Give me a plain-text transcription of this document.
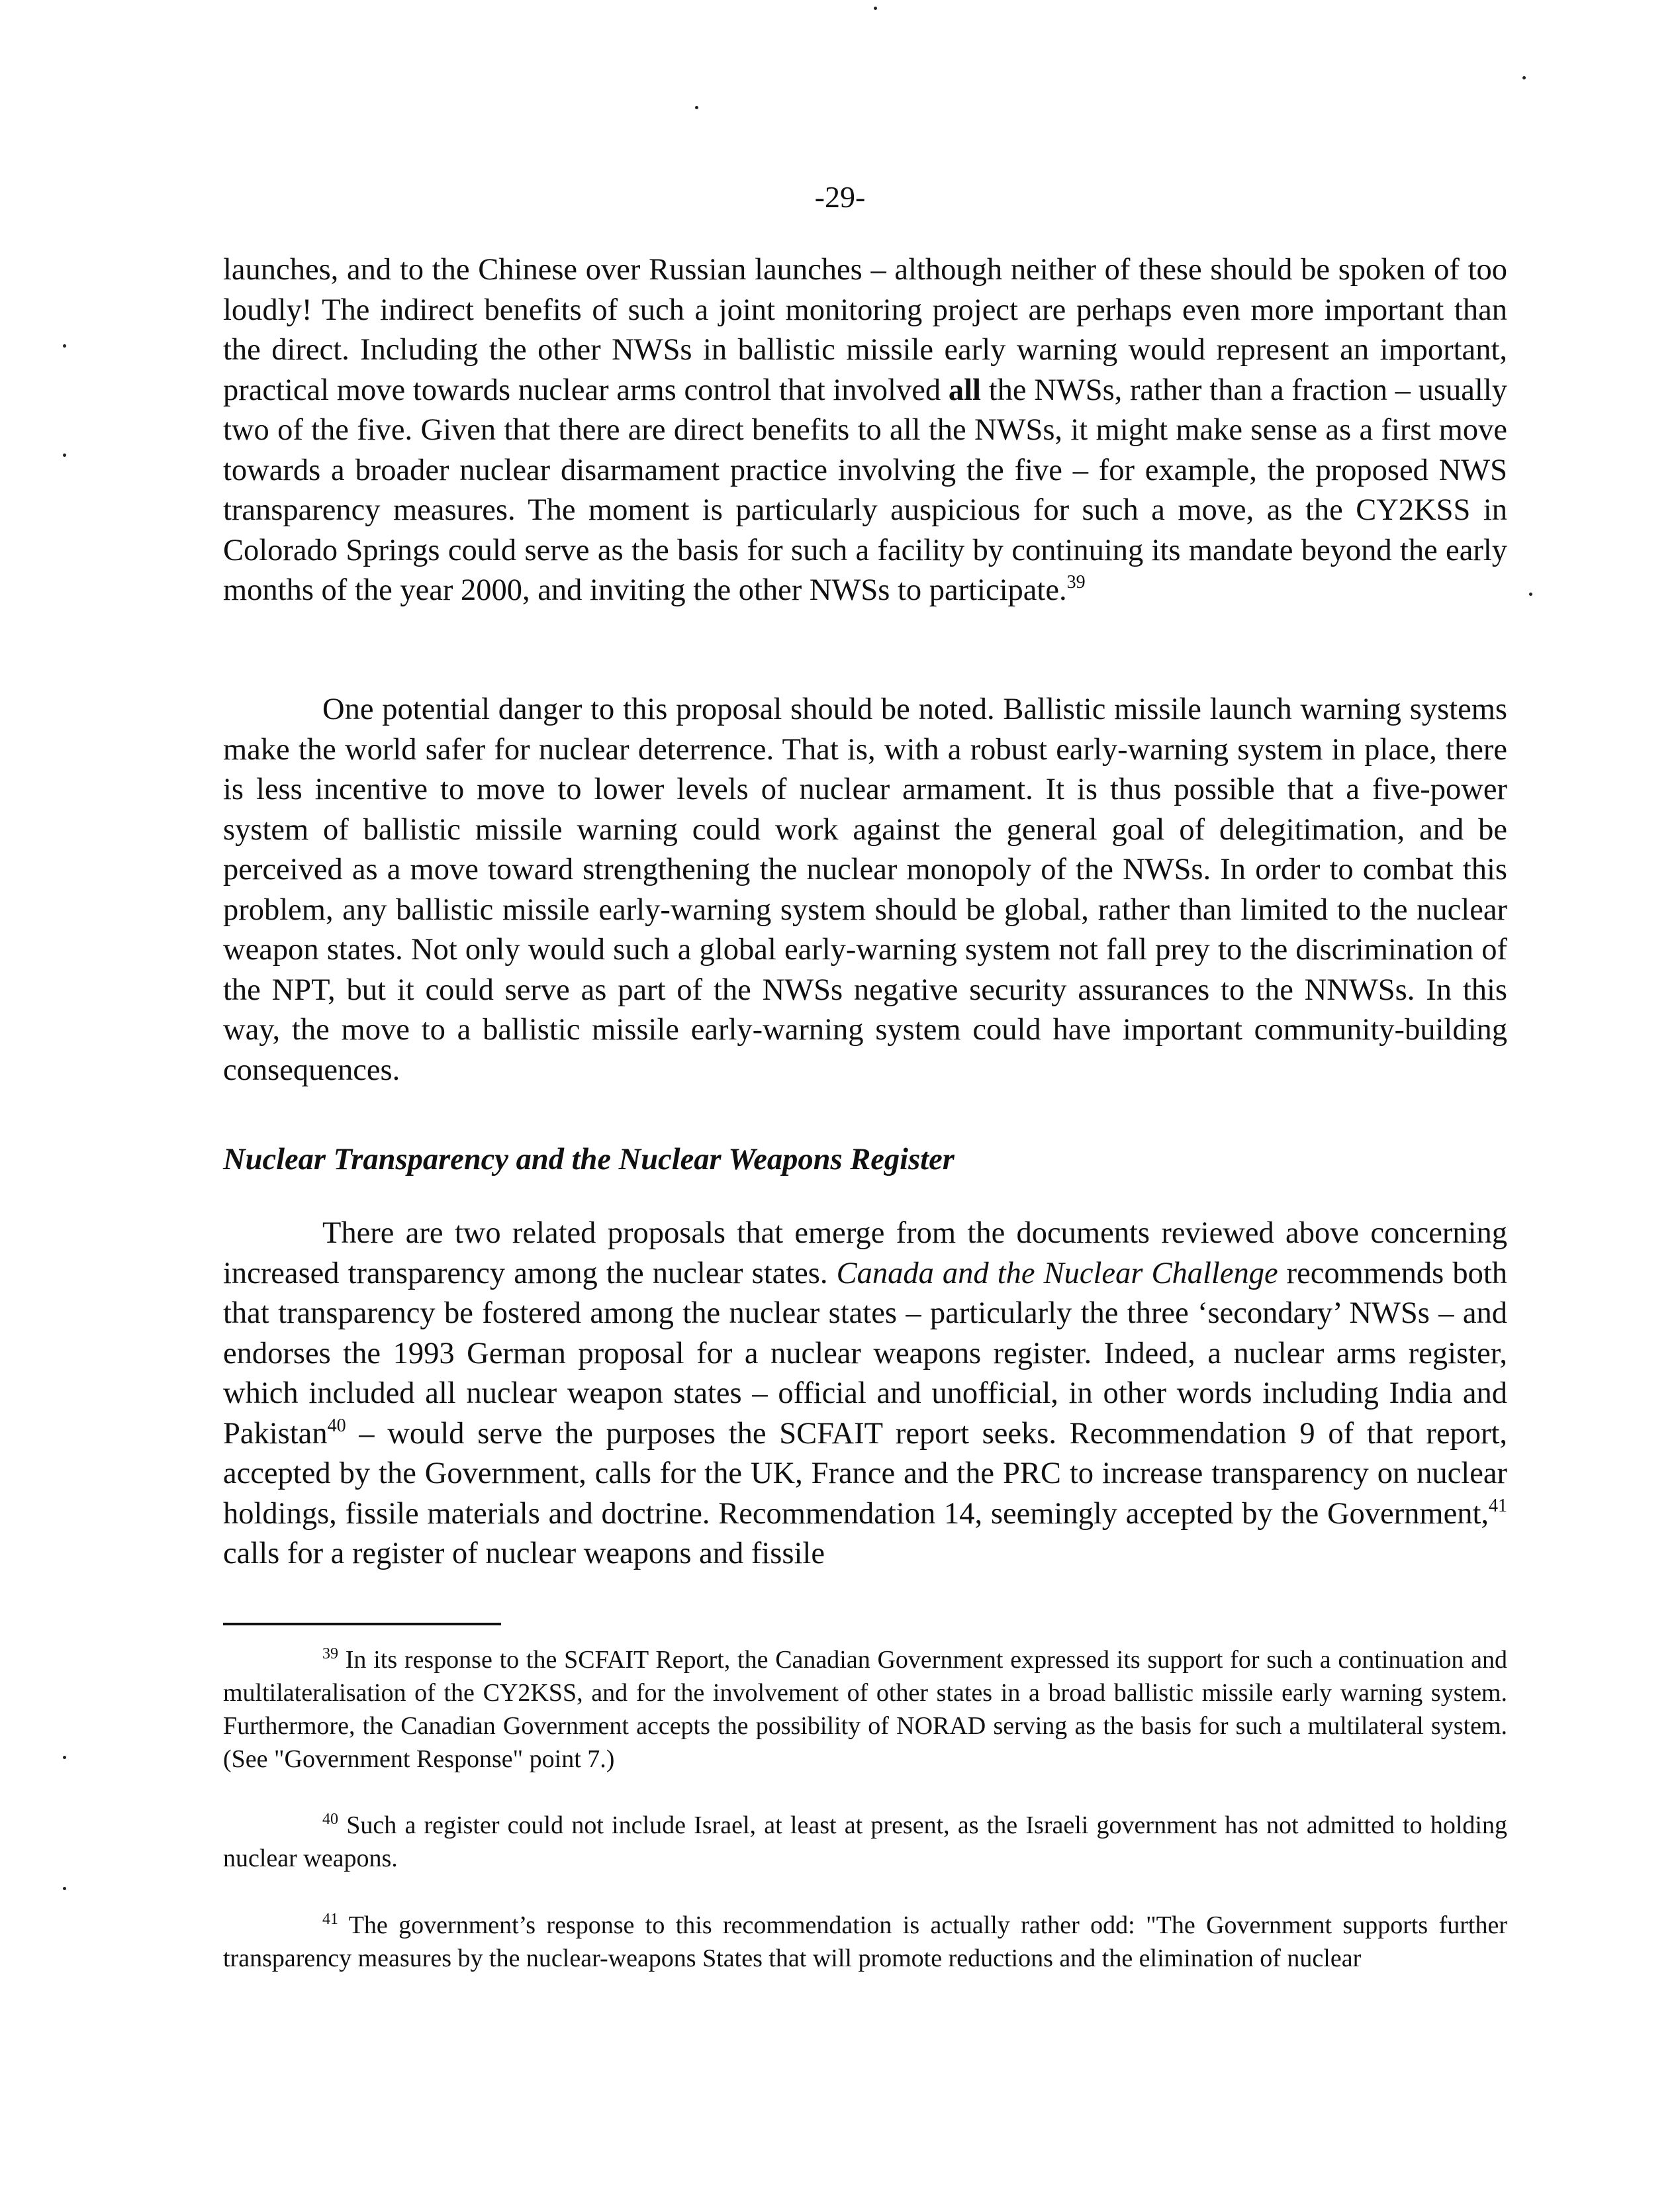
-29-

launches, and to the Chinese over Russian launches – although neither of these should be spoken of too loudly! The indirect benefits of such a joint monitoring project are perhaps even more important than the direct. Including the other NWSs in ballistic missile early warning would represent an important, practical move towards nuclear arms control that involved all the NWSs, rather than a fraction – usually two of the five. Given that there are direct benefits to all the NWSs, it might make sense as a first move towards a broader nuclear disarmament practice involving the five – for example, the proposed NWS transparency measures. The moment is particularly auspicious for such a move, as the CY2KSS in Colorado Springs could serve as the basis for such a facility by continuing its mandate beyond the early months of the year 2000, and inviting the other NWSs to participate.$^{39}$

One potential danger to this proposal should be noted. Ballistic missile launch warning systems make the world safer for nuclear deterrence. That is, with a robust early-warning system in place, there is less incentive to move to lower levels of nuclear armament. It is thus possible that a five-power system of ballistic missile warning could work against the general goal of delegitimation, and be perceived as a move toward strengthening the nuclear monopoly of the NWSs. In order to combat this problem, any ballistic missile early-warning system should be global, rather than limited to the nuclear weapon states. Not only would such a global early-warning system not fall prey to the discrimination of the NPT, but it could serve as part of the NWSs negative security assurances to the NNWSs. In this way, the move to a ballistic missile early-warning system could have important community-building consequences.

Nuclear Transparency and the Nuclear Weapons Register

There are two related proposals that emerge from the documents reviewed above concerning increased transparency among the nuclear states. Canada and the Nuclear Challenge recommends both that transparency be fostered among the nuclear states – particularly the three ‘secondary’ NWSs – and endorses the 1993 German proposal for a nuclear weapons register. Indeed, a nuclear arms register, which included all nuclear weapon states – official and unofficial, in other words including India and Pakistan$^{40}$ – would serve the purposes the SCFAIT report seeks. Recommendation 9 of that report, accepted by the Government, calls for the UK, France and the PRC to increase transparency on nuclear holdings, fissile materials and doctrine. Recommendation 14, seemingly accepted by the Government,$^{41}$ calls for a register of nuclear weapons and fissile

$^{39}$ In its response to the SCFAIT Report, the Canadian Government expressed its support for such a continuation and multilateralisation of the CY2KSS, and for the involvement of other states in a broad ballistic missile early warning system. Furthermore, the Canadian Government accepts the possibility of NORAD serving as the basis for such a multilateral system. (See "Government Response" point 7.)

$^{40}$ Such a register could not include Israel, at least at present, as the Israeli government has not admitted to holding nuclear weapons.

$^{41}$ The government’s response to this recommendation is actually rather odd: "The Government supports further transparency measures by the nuclear-weapons States that will promote reductions and the elimination of nuclear
